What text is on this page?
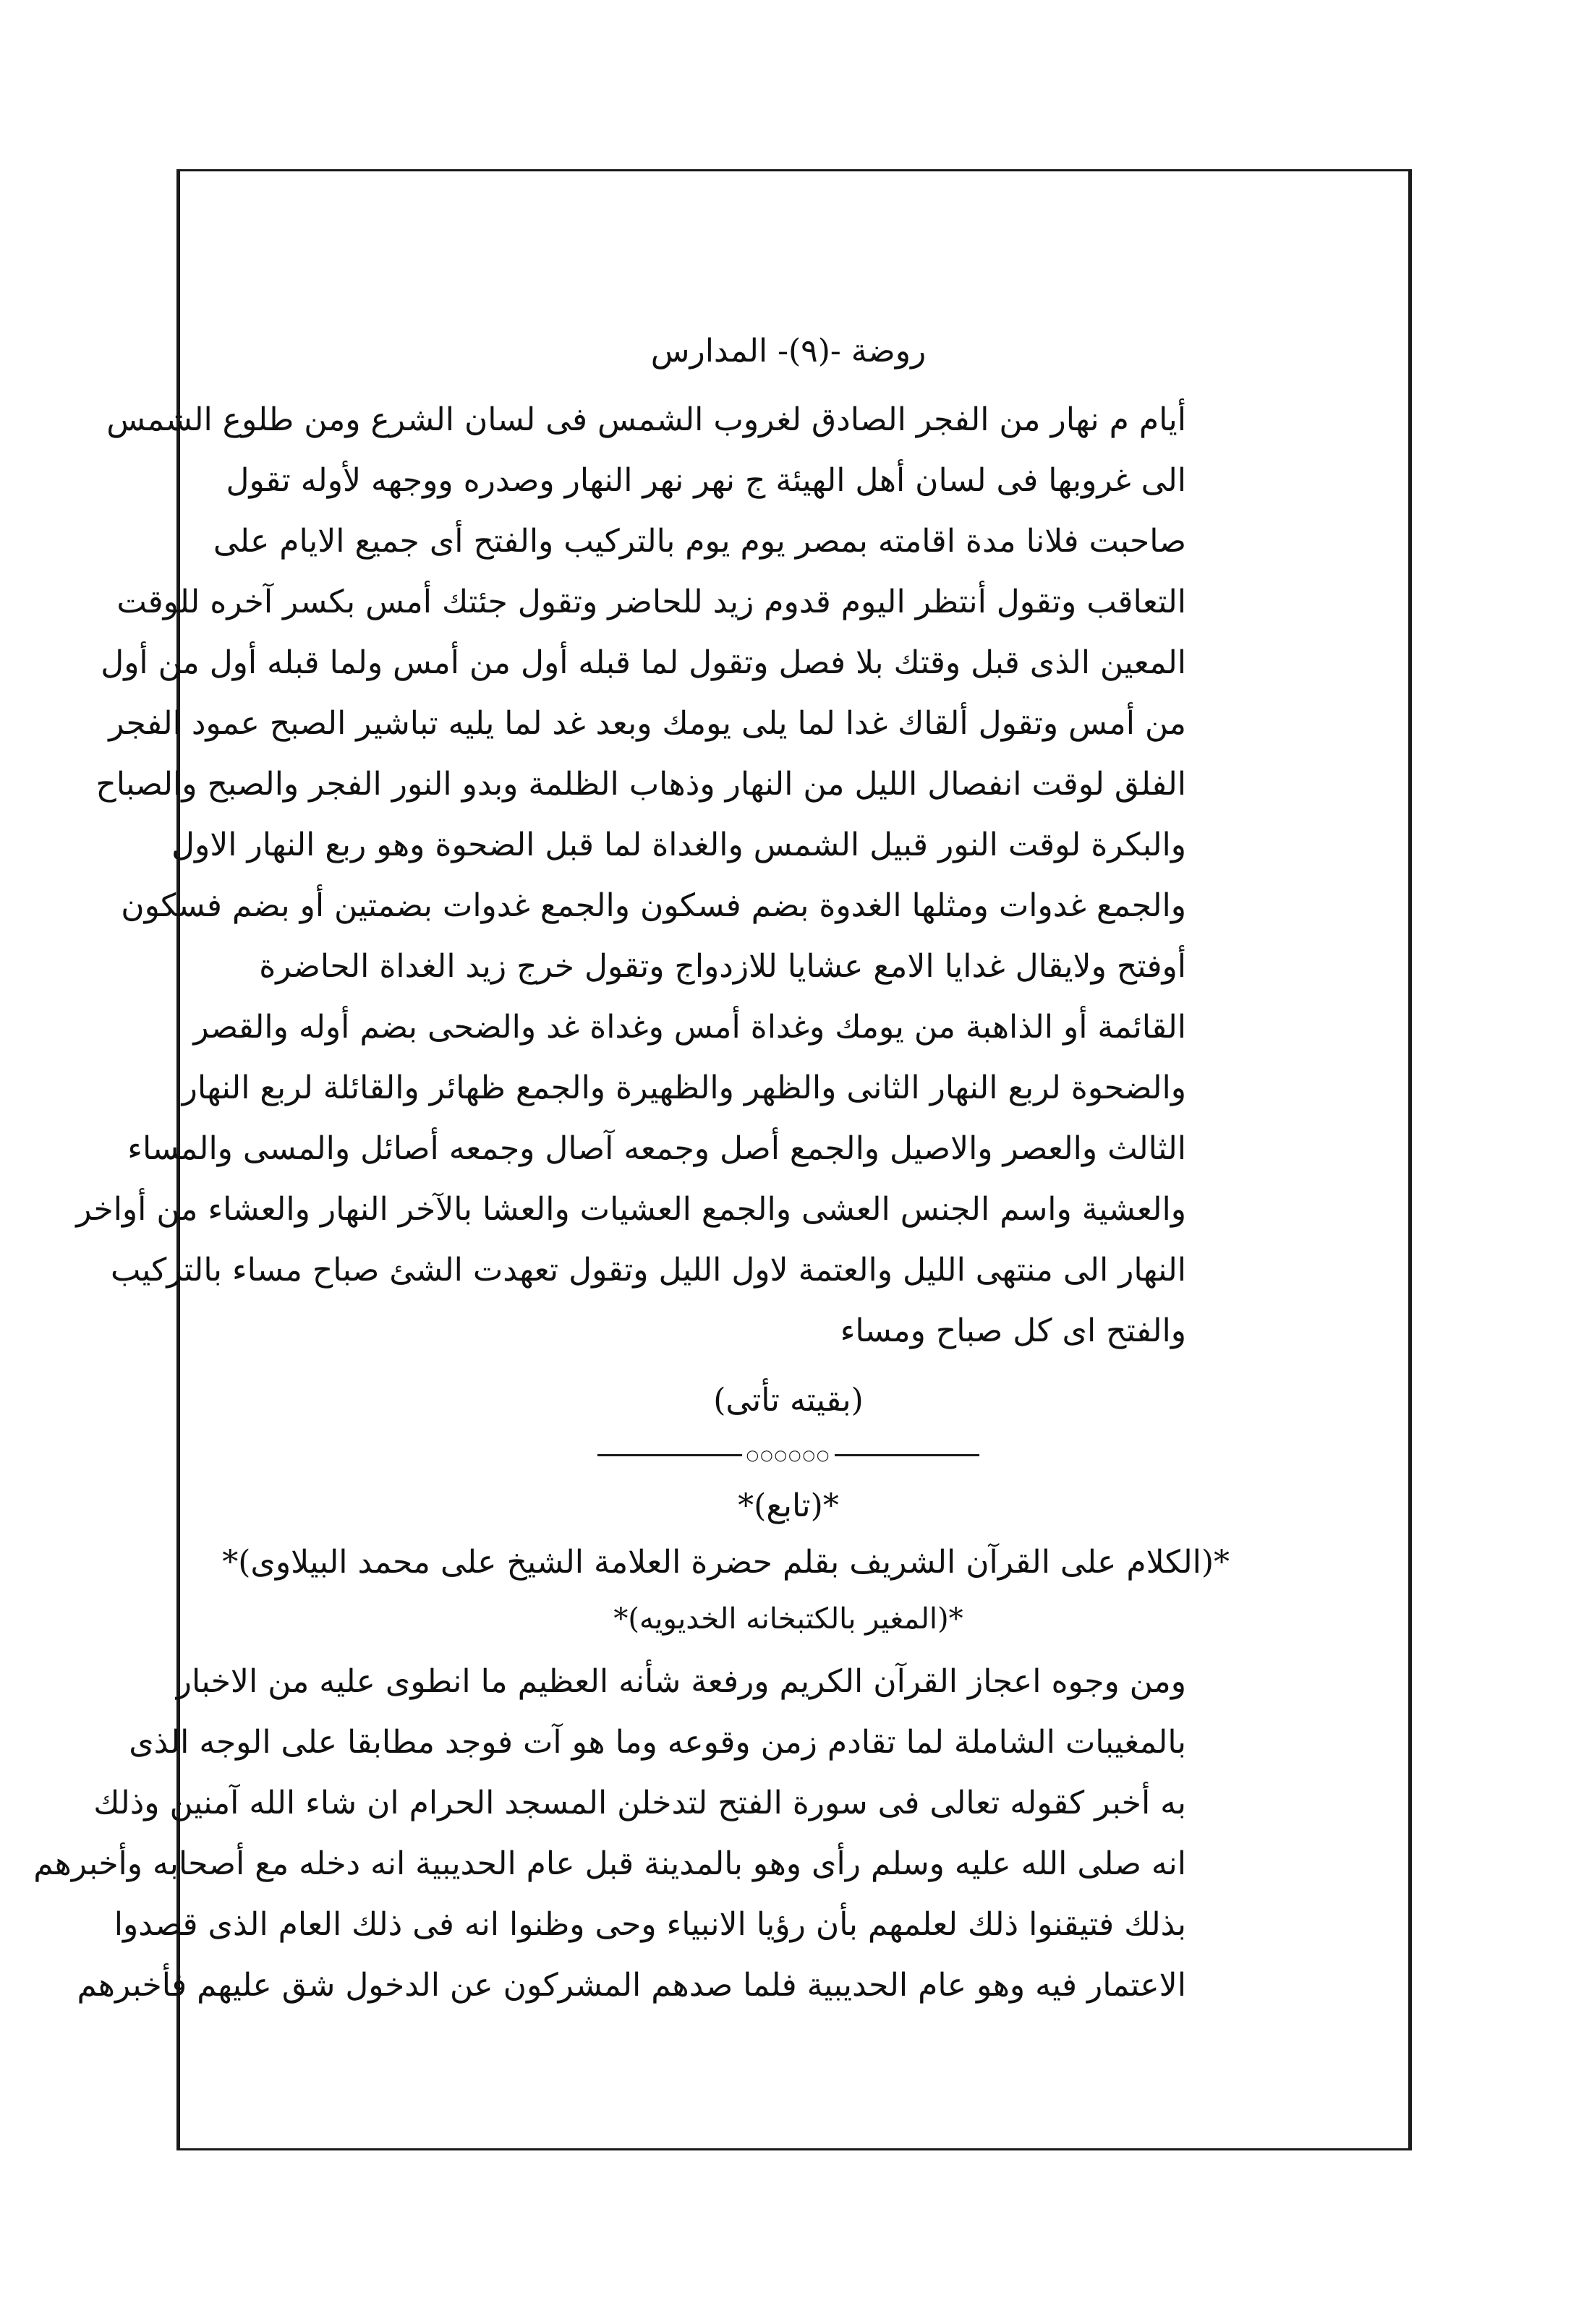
روضة -(٩)- المدارس
أيام م نهار من الفجر الصادق لغروب الشمس فى لسان الشرع ومن طلوع الشمس
الى غروبها فى لسان أهل الهيئة ج نهر نهر النهار وصدره ووجهه لأوله تقول
صاحبت فلانا مدة اقامته بمصر يوم يوم بالتركيب والفتح أى جميع الايام على
التعاقب وتقول أنتظر اليوم قدوم زيد للحاضر وتقول جئتك أمس بكسر آخره للوقت
المعين الذى قبل وقتك بلا فصل وتقول لما قبله أول من أمس ولما قبله أول من أول
من أمس وتقول ألقاك غدا لما يلى يومك وبعد غد لما يليه تباشير الصبح عمود الفجر
الفلق لوقت انفصال الليل من النهار وذهاب الظلمة وبدو النور الفجر والصبح والصباح
والبكرة لوقت النور قبيل الشمس والغداة لما قبل الضحوة وهو ربع النهار الاول
والجمع غدوات ومثلها الغدوة بضم فسكون والجمع غدوات بضمتين أو بضم فسكون
أوفتح ولايقال غدايا الامع عشايا للازدواج وتقول خرج زيد الغداة الحاضرة
القائمة أو الذاهبة من يومك وغداة أمس وغداة غد والضحى بضم أوله والقصر
والضحوة لربع النهار الثانى والظهر والظهيرة والجمع ظهائر والقائلة لربع النهار
الثالث والعصر والاصيل والجمع أصل وجمعه آصال وجمعه أصائل والمسى والمساء
والعشية واسم الجنس العشى والجمع العشيات والعشا بالآخر النهار والعشاء من أواخر
النهار الى منتهى الليل والعتمة لاول الليل وتقول تعهدت الشئ صباح مساء بالتركيب
والفتح اى كل صباح ومساء
(بقيته تأتى)
○○○○○○
*(تابع)*
*(الكلام على القرآن الشريف بقلم حضرة العلامة الشيخ على محمد البيلاوى)*
*(المغير بالكتبخانه الخديويه)*
ومن وجوه اعجاز القرآن الكريم ورفعة شأنه العظيم ما انطوى عليه من الاخبار
بالمغيبات الشاملة لما تقادم زمن وقوعه وما هو آت فوجد مطابقا على الوجه الذى
به أخبر كقوله تعالى فى سورة الفتح لتدخلن المسجد الحرام ان شاء الله آمنين وذلك
انه صلى الله عليه وسلم رأى وهو بالمدينة قبل عام الحديبية انه دخله مع أصحابه وأخبرهم
بذلك فتيقنوا ذلك لعلمهم بأن رؤيا الانبياء وحى وظنوا انه فى ذلك العام الذى قصدوا
الاعتمار فيه وهو عام الحديبية فلما صدهم المشركون عن الدخول شق عليهم فأخبرهم
